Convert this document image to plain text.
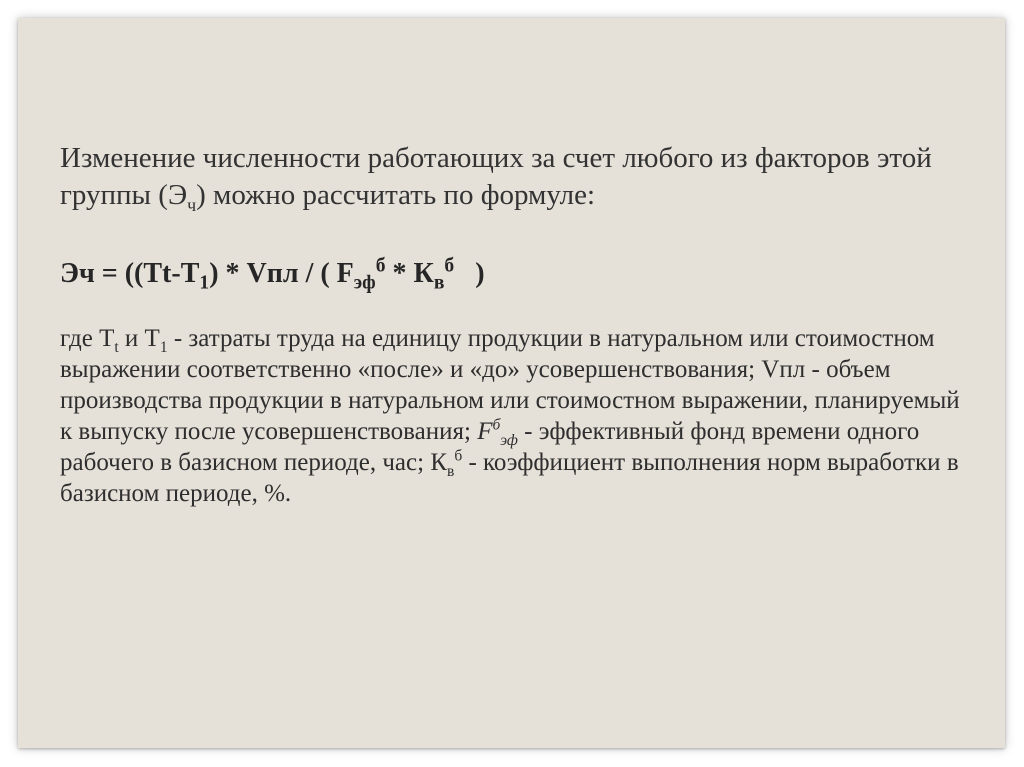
Изменение численности работающих за счет любого из факторов этой группы $(Э_ч)$ можно рассчитать по формуле:

Эч = ($(Tt-T_1)$ * Vпл / ( $F_{эф}^б * К_в^б$   )

где $T_t$ и $Т_1$ - затраты труда на единицу продукции в натуральном или стоимостном выражении соответственно «после» и «до» усовершенствования; Vпл - объем производства продукции в натуральном или стоимостном выражении, планируемый к выпуску после усовершенствования; $F^б_{эф}$ - эффективный фонд времени одного рабочего в базисном периоде, час; $К_в^б$ - коэффициент выполнения норм выработки в базисном периоде, %.
